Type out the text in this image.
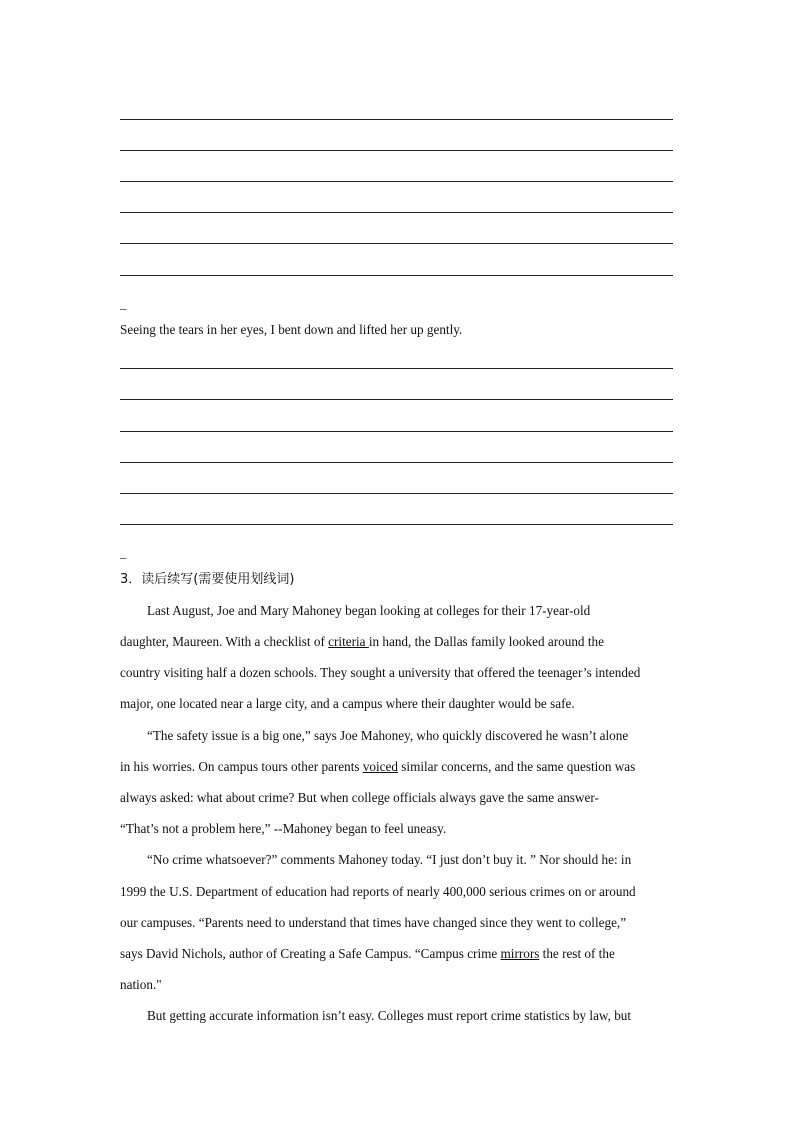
_
Seeing the tears in her eyes, I bent down and lifted her up gently.
_
3．读后续写(需要使用划线词)
Last August, Joe and Mary Mahoney began looking at colleges for their 17-year-old
daughter, Maureen. With a checklist of criteria in hand, the Dallas family looked around the
country visiting half a dozen schools. They sought a university that offered the teenager’s intended
major, one located near a large city, and a campus where their daughter would be safe.
“The safety issue is a big one,” says Joe Mahoney, who quickly discovered he wasn’t alone
in his worries. On campus tours other parents voiced similar concerns, and the same question was
always asked: what about crime? But when college officials always gave the same answer-
“That’s not a problem here,” --Mahoney began to feel uneasy.
“No crime whatsoever?” comments Mahoney today. “I just don’t buy it. ” Nor should he: in
1999 the U.S. Department of education had reports of nearly 400,000 serious crimes on or around
our campuses. “Parents need to understand that times have changed since they went to college,”
says David Nichols, author of Creating a Safe Campus. “Campus crime mirrors the rest of the
nation."
But getting accurate information isn’t easy. Colleges must report crime statistics by law, but
